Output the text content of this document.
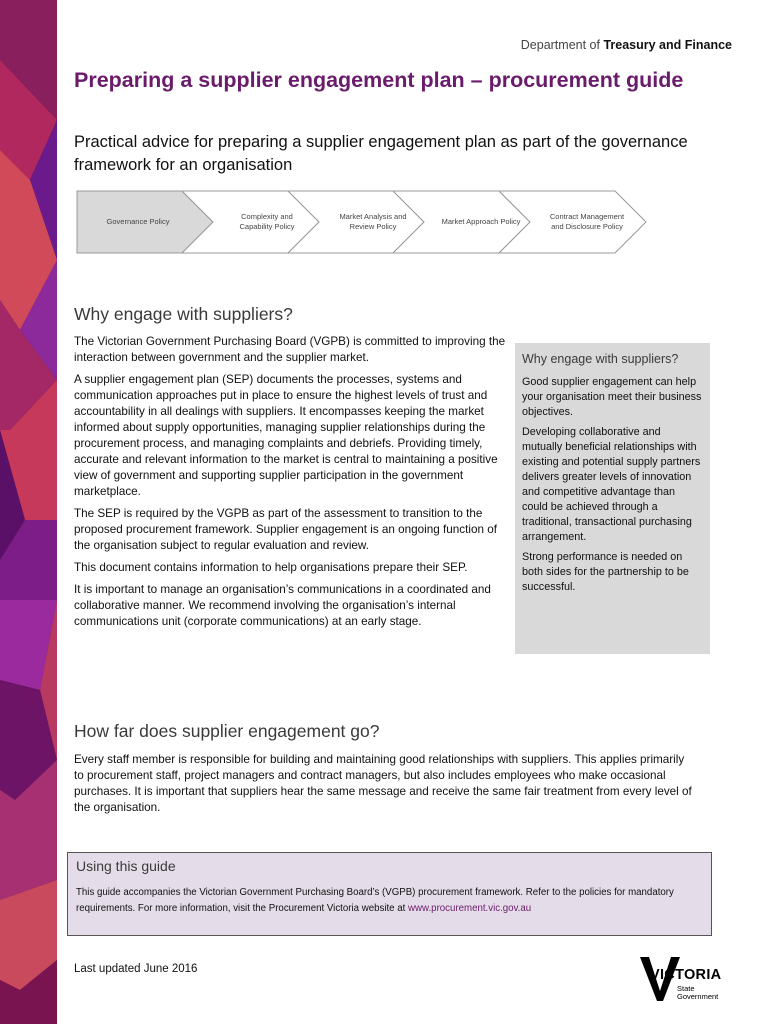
Department of Treasury and Finance
Preparing a supplier engagement plan – procurement guide

Practical advice for preparing a supplier engagement plan as part of the governance framework for an organisation

Governance Policy
Complexity and Capability Policy
Market Analysis and Review Policy
Market Approach Policy
Contract Management and Disclosure Policy
Why engage with suppliers?

The Victorian Government Purchasing Board (VGPB) is committed to improving the interaction between government and the supplier market.

A supplier engagement plan (SEP) documents the processes, systems and communication approaches put in place to ensure the highest levels of trust and accountability in all dealings with suppliers. It encompasses keeping the market informed about supply opportunities, managing supplier relationships during the procurement process, and managing complaints and debriefs. Providing timely, accurate and relevant information to the market is central to maintaining a positive view of government and supporting supplier participation in the government marketplace.

The SEP is required by the VGPB as part of the assessment to transition to the proposed procurement framework. Supplier engagement is an ongoing function of the organisation subject to regular evaluation and review.

This document contains information to help organisations prepare their SEP.

It is important to manage an organisation’s communications in a coordinated and collaborative manner. We recommend involving the organisation’s internal communications unit (corporate communications) at an early stage.

Why engage with suppliers?

Good supplier engagement can help your organisation meet their business objectives.

Developing collaborative and mutually beneficial relationships with existing and potential supply partners delivers greater levels of innovation and competitive advantage than could be achieved through a traditional, transactional purchasing arrangement.

Strong performance is needed on both sides for the partnership to be successful.

How far does supplier engagement go?

Every staff member is responsible for building and maintaining good relationships with suppliers. This applies primarily to procurement staff, project managers and contract managers, but also includes employees who make occasional purchases. It is important that suppliers hear the same message and receive the same fair treatment from every level of the organisation.

Using this guide

This guide accompanies the Victorian Government Purchasing Board’s (VGPB) procurement framework. Refer to the policies for mandatory requirements. For more information, visit the Procurement Victoria website at www.procurement.vic.gov.au

Last updated June 2016	VICTORIA
State
Government
